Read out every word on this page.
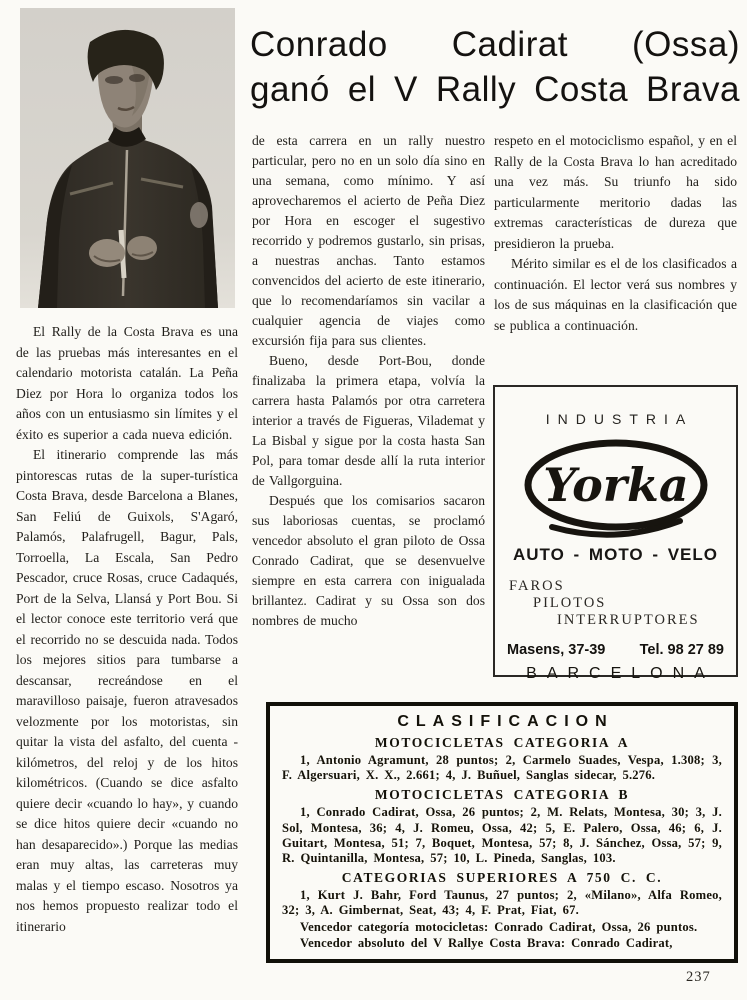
Conrado Cadirat (Ossa)
ganó el V Rally Costa Brava

El Rally de la Costa Brava es una de las pruebas más interesantes en el calendario motorista catalán. La Peña Diez por Hora lo organiza todos los años con un entusiasmo sin límites y el éxito es superior a cada nueva edición.

El itinerario comprende las más pintorescas rutas de la super-turística Costa Brava, desde Barcelona a Blanes, San Feliú de Guixols, S'Agaró, Palamós, Palafrugell, Bagur, Pals, Torroella, La Escala, San Pedro Pescador, cruce Rosas, cruce Cadaqués, Port de la Selva, Llansá y Port Bou. Si el lector conoce este territorio verá que el recorrido no se descuida nada. Todos los mejores sitios para tumbarse a descansar, recreándose en el maravilloso paisaje, fueron atravesados velozmente por los motoristas, sin quitar la vista del asfalto, del cuenta - kilómetros, del reloj y de los hitos kilométricos. (Cuando se dice asfalto quiere decir «cuando lo hay», y cuando se dice hitos quiere decir «cuando no han desaparecido».) Porque las medias eran muy altas, las carreteras muy malas y el tiempo escaso. Nosotros ya nos hemos propuesto realizar todo el itinerario

de esta carrera en un rally nuestro particular, pero no en un solo día sino en una semana, como mínimo. Y así aprovecharemos el acierto de Peña Diez por Hora en escoger el sugestivo recorrido y podremos gustarlo, sin prisas, a nuestras anchas. Tanto estamos convencidos del acierto de este itinerario, que lo recomendaríamos sin vacilar a cualquier agencia de viajes como excursión fija para sus clientes.

Bueno, desde Port-Bou, donde finalizaba la primera etapa, volvía la carrera hasta Palamós por otra carretera interior a través de Figueras, Vilademat y La Bisbal y sigue por la costa hasta San Pol, para tomar desde allí la ruta interior de Vallgorguina.

Después que los comisarios sacaron sus laboriosas cuentas, se proclamó vencedor absoluto el gran piloto de Ossa Conrado Cadirat, que se desenvuelve siempre en esta carrera con inigualada brillantez. Cadirat y su Ossa son dos nombres de mucho

respeto en el motociclismo español, y en el Rally de la Costa Brava lo han acreditado una vez más. Su triunfo ha sido particularmente meritorio dadas las extremas características de dureza que presidieron la prueba.

Mérito similar es el de los clasificados a continuación. El lector verá sus nombres y los de sus máquinas en la clasificación que se publica a continuación.

INDUSTRIA
Yorka
AUTO - MOTO - VELO
FAROS
PILOTOS
INTERRUPTORES
Masens, 37-39 Tel. 98 27 89
BARCELONA
CLASIFICACION
MOTOCICLETAS CATEGORIA A

1, Antonio Agramunt, 28 puntos; 2, Carmelo Suades, Vespa, 1.308; 3, F. Algersuari, X. X., 2.661; 4, J. Buñuel, Sanglas sidecar, 5.276.

MOTOCICLETAS CATEGORIA B

1, Conrado Cadirat, Ossa, 26 puntos; 2, M. Relats, Montesa, 30; 3, J. Sol, Montesa, 36; 4, J. Romeu, Ossa, 42; 5, E. Palero, Ossa, 46; 6, J. Guitart, Montesa, 51; 7, Boquet, Montesa, 57; 8, J. Sánchez, Ossa, 57; 9, R. Quintanilla, Montesa, 57; 10, L. Pineda, Sanglas, 103.

CATEGORIAS SUPERIORES A 750 C. C.

1, Kurt J. Bahr, Ford Taunus, 27 puntos; 2, «Milano», Alfa Romeo, 32; 3, A. Gimbernat, Seat, 43; 4, F. Prat, Fiat, 67.

Vencedor categoría motocicletas: Conrado Cadirat, Ossa, 26 puntos.

Vencedor absoluto del V Rallye Costa Brava: Conrado Cadirat,

237
